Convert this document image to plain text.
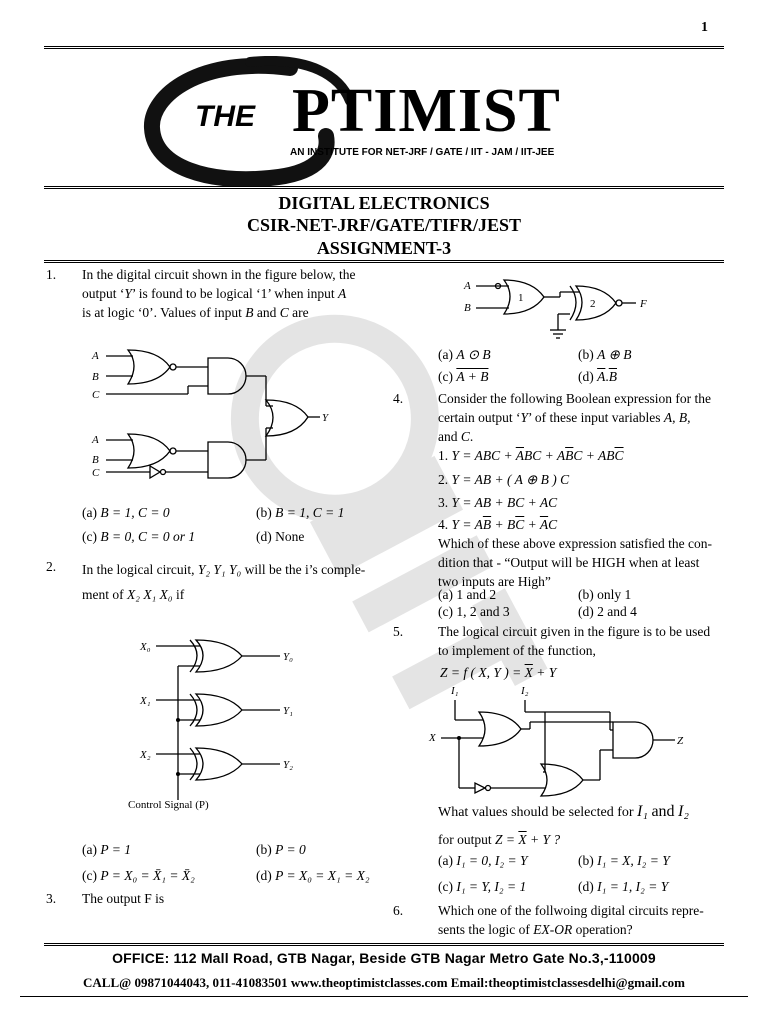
1
THE PTIMIST
AN INSTITUTE FOR NET-JRF / GATE / IIT - JAM / IIT-JEE
DIGITAL ELECTRONICS
CSIR-NET-JRF/GATE/TIFR/JEST
ASSIGNMENT-3
1. In the digital circuit shown in the figure below, the
output ‘Y’ is found to be logical ‘1’ when input A
is at logic ‘0’. Values of input B and C are
A
B
C
A
B
C
Y
(a) B = 1, C = 0	(b) B = 1, C = 1
(c) B = 0, C = 0 or 1	(d) None
2. In the logical circuit, Y₂ Y₁ Y₀ will be the i’s comple-
ment of X₂ X₁ X₀ if
X₀
X₁
X₂
Y₀
Y₁
Y₂
Control Signal (P)
(a) P = 1	(b) P = 0
(c) P = X₀ = X̄₁ = X̄₂	(d) P = X₀ = X₁ = X₂
3. The output F is
A
B
1	2	F
(a) A ⊙ B	(b) A ⊕ B
(c) A + B	(d) $\overline{A}.\overline{B}$
4.	Consider the following Boolean expression for the
certain output ‘Y’ of these input variables A, B,
and C.
1. Y = ABC + $\overline{A}BC + A\overline{B}C + AB\overline{C}$
2. Y = AB + ( A ⊕ B ) C
3. Y = AB + BC + AC
4. $Y = A\overline{B} + B\overline{C} + \overline{A}C$
Which of these above expression satisfied the con-
dition that - “Output will be HIGH when at least
two inputs are High”
(a) 1 and 2	(b) only 1
(c) 1, 2 and 3	(d) 2 and 4
5.	The logical circuit given in the figure is to be used
to implement of the function,
Z = f ( X, Y ) = $\overline{X} + Y$
I₁	I₂
X	Z
What values should be selected for I₁ and I₂
for output $Z = \overline{X} + Y$ ?
(a) I₁ = 0, I₂ = Y	(b) I₁ = X, I₂ = Y
(c) I₁ = Y, I₂ = 1	(d) I₁ = 1, I₂ = Y
6.	Which one of the follwoing digital circuits repre-
sents the logic of EX-OR operation?
OFFICE: 112 Mall Road, GTB Nagar, Beside GTB Nagar Metro Gate No.3,-110009
CALL@ 09871044043, 011-41083501 www.theoptimistclasses.com Email:theoptimistclassesdelhi@gmail.com
